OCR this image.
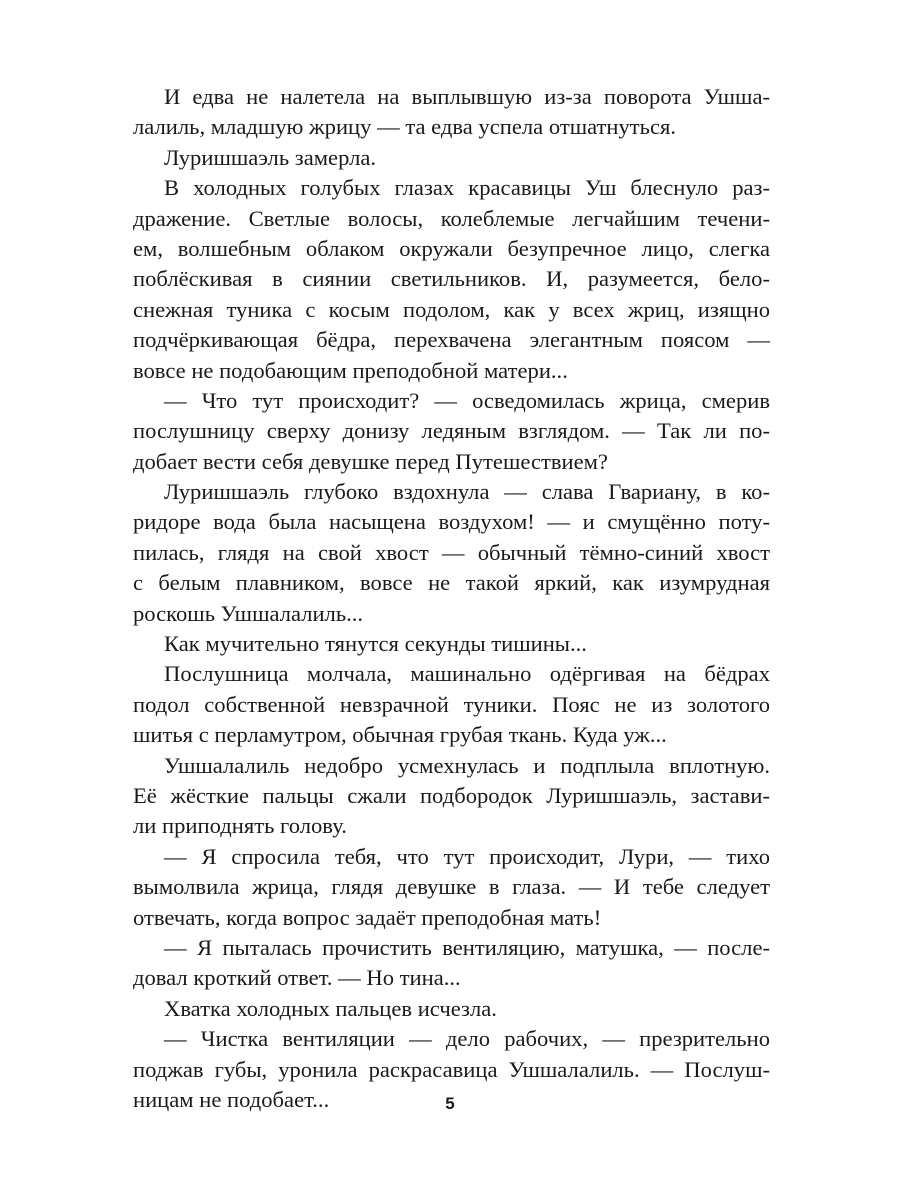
И едва не налетела на выплывшую из-за поворота Ушша-
лалиль, младшую жрицу — та едва успела отшатнуться.
Луришшаэль замерла.
В холодных голубых глазах красавицы Уш блеснуло раз-
дражение. Светлые волосы, колеблемые легчайшим течени-
ем, волшебным облаком окружали безупречное лицо, слегка
поблёскивая в сиянии светильников. И, разумеется, бело-
снежная туника с косым подолом, как у всех жриц, изящно
подчёркивающая бёдра, перехвачена элегантным поясом —
вовсе не подобающим преподобной матери...
— Что тут происходит? — осведомилась жрица, смерив
послушницу сверху донизу ледяным взглядом. — Так ли по-
добает вести себя девушке перед Путешествием?
Луришшаэль глубоко вздохнула — слава Гвариану, в ко-
ридоре вода была насыщена воздухом! — и смущённо поту-
пилась, глядя на свой хвост — обычный тёмно-синий хвост
с белым плавником, вовсе не такой яркий, как изумрудная
роскошь Ушшалалиль...
Как мучительно тянутся секунды тишины...
Послушница молчала, машинально одёргивая на бёдрах
подол собственной невзрачной туники. Пояс не из золотого
шитья с перламутром, обычная грубая ткань. Куда уж...
Ушшалалиль недобро усмехнулась и подплыла вплотную.
Её жёсткие пальцы сжали подбородок Луришшаэль, застави-
ли приподнять голову.
— Я спросила тебя, что тут происходит, Лури, — тихо
вымолвила жрица, глядя девушке в глаза. — И тебе следует
отвечать, когда вопрос задаёт преподобная мать!
— Я пыталась прочистить вентиляцию, матушка, — после-
довал кроткий ответ. — Но тина...
Хватка холодных пальцев исчезла.
— Чистка вентиляции — дело рабочих, — презрительно
поджав губы, уронила раскрасавица Ушшалалиль. — Послуш-
ницам не подобает...	5
